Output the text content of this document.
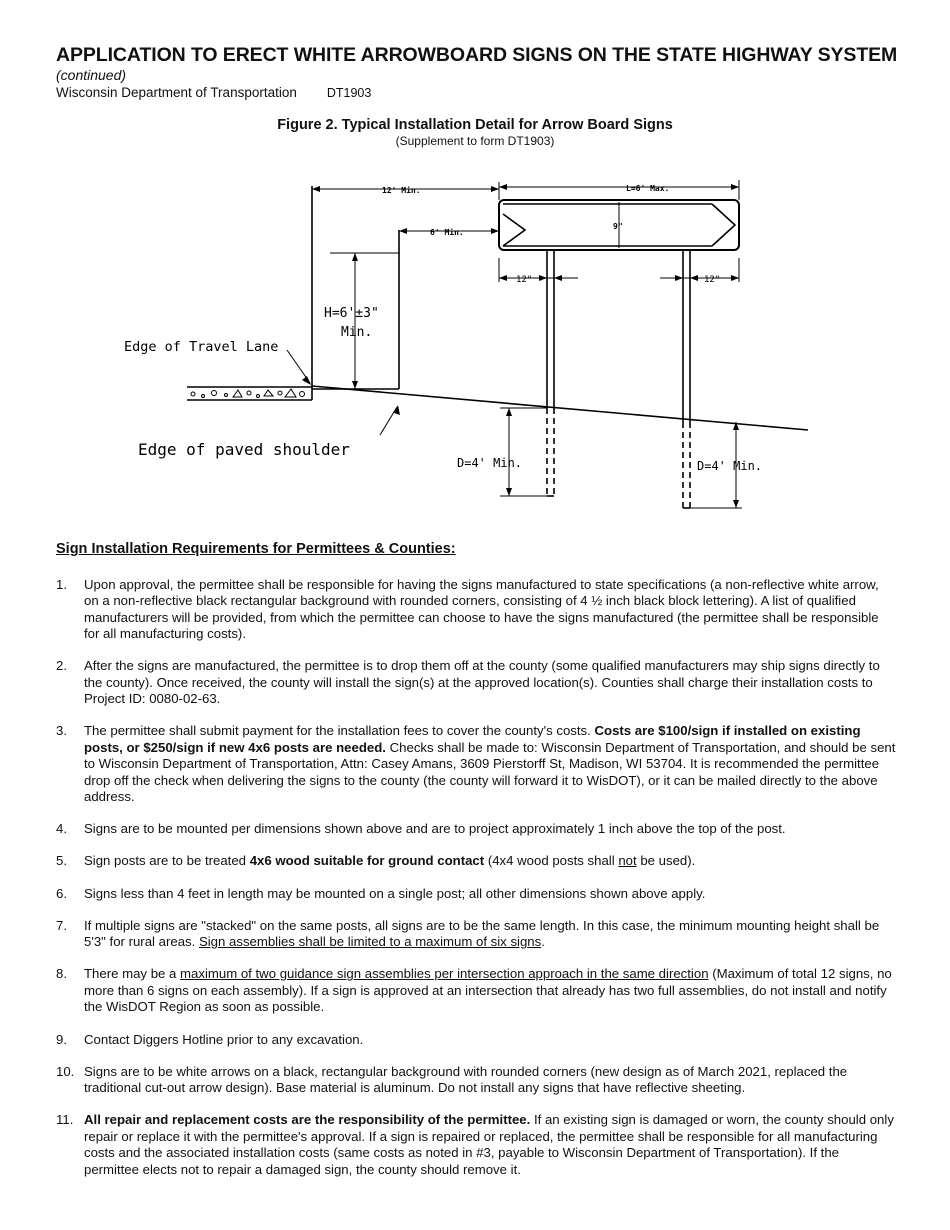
APPLICATION TO ERECT WHITE ARROWBOARD SIGNS ON THE STATE HIGHWAY SYSTEM
(continued)
Wisconsin Department of Transportation DT1903
Figure 2. Typical Installation Detail for Arrow Board Signs
(Supplement to form DT1903)
12' Min.	L=6' Max.
6' Min.
9"
12"	12"
H=6'±3"
Min.
Edge of Travel Lane
Edge of paved shoulder
D=4' Min.	D=4' Min.
Sign Installation Requirements for Permittees & Counties:
1. Upon approval, the permittee shall be responsible for having the signs manufactured to state specifications (a non-reflective white arrow, on a non-reflective black rectangular background with rounded corners, consisting of 4 ½ inch black block lettering). A list of qualified manufacturers will be provided, from which the permittee can choose to have the signs manufactured (the permittee shall be responsible for all manufacturing costs).
2. After the signs are manufactured, the permittee is to drop them off at the county (some qualified manufacturers may ship signs directly to the county). Once received, the county will install the sign(s) at the approved location(s). Counties shall charge their installation costs to Project ID: 0080-02-63.
3. The permittee shall submit payment for the installation fees to cover the county's costs. Costs are $100/sign if installed on existing posts, or $250/sign if new 4x6 posts are needed. Checks shall be made to: Wisconsin Department of Transportation, and should be sent to Wisconsin Department of Transportation, Attn: Casey Amans, 3609 Pierstorff St, Madison, WI 53704. It is recommended the permittee drop off the check when delivering the signs to the county (the county will forward it to WisDOT), or it can be mailed directly to the above address.
4. Signs are to be mounted per dimensions shown above and are to project approximately 1 inch above the top of the post.
5. Sign posts are to be treated 4x6 wood suitable for ground contact (4x4 wood posts shall not be used).
6. Signs less than 4 feet in length may be mounted on a single post; all other dimensions shown above apply.
7. If multiple signs are "stacked" on the same posts, all signs are to be the same length. In this case, the minimum mounting height shall be 5'3" for rural areas. Sign assemblies shall be limited to a maximum of six signs.
8. There may be a maximum of two guidance sign assemblies per intersection approach in the same direction (Maximum of total 12 signs, no more than 6 signs on each assembly). If a sign is approved at an intersection that already has two full assemblies, do not install and notify the WisDOT Region as soon as possible.
9. Contact Diggers Hotline prior to any excavation.
10. Signs are to be white arrows on a black, rectangular background with rounded corners (new design as of March 2021, replaced the traditional cut-out arrow design). Base material is aluminum. Do not install any signs that have reflective sheeting.
11. All repair and replacement costs are the responsibility of the permittee. If an existing sign is damaged or worn, the county should only repair or replace it with the permittee's approval. If a sign is repaired or replaced, the permittee shall be responsible for all manufacturing costs and the associated installation costs (same costs as noted in #3, payable to Wisconsin Department of Transportation). If the permittee elects not to repair a damaged sign, the county should remove it.
